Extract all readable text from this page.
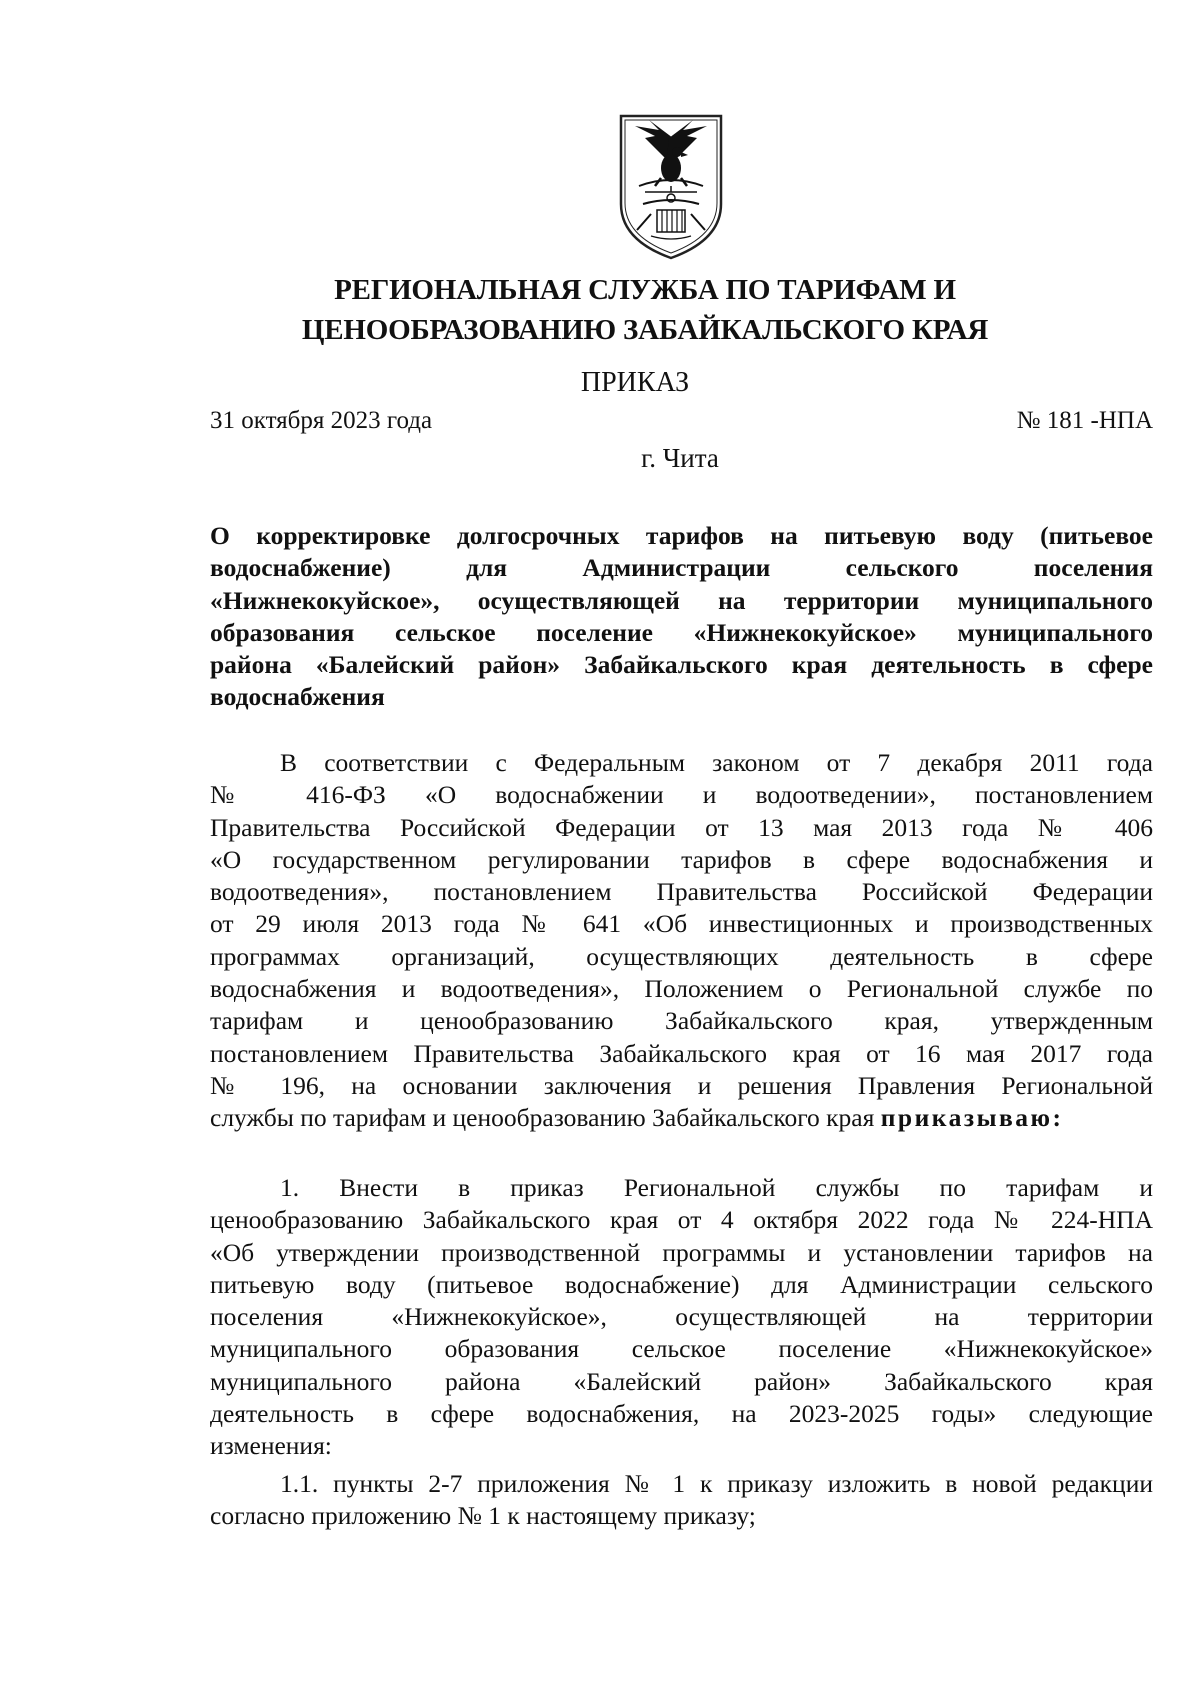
РЕГИОНАЛЬНАЯ СЛУЖБА ПО ТАРИФАМ И
ЦЕНООБРАЗОВАНИЮ ЗАБАЙКАЛЬСКОГО КРАЯ
ПРИКАЗ
31 октября 2023 года	№ 181 -НПА
г. Чита
О корректировке долгосрочных тарифов на питьевую воду (питьевое
водоснабжение) для Администрации сельского поселения
«Нижнекокуйское», осуществляющей на территории муниципального
образования сельское поселение «Нижнекокуйское» муниципального
района «Балейский район» Забайкальского края деятельность в сфере
водоснабжения
В соответствии с Федеральным законом от 7 декабря 2011 года
№ 416-ФЗ «О водоснабжении и водоотведении», постановлением
Правительства Российской Федерации от 13 мая 2013 года № 406
«О государственном регулировании тарифов в сфере водоснабжения и
водоотведения», постановлением Правительства Российской Федерации
от 29 июля 2013 года № 641 «Об инвестиционных и производственных
программах организаций, осуществляющих деятельность в сфере
водоснабжения и водоотведения», Положением о Региональной службе по
тарифам и ценообразованию Забайкальского края, утвержденным
постановлением Правительства Забайкальского края от 16 мая 2017 года
№ 196, на основании заключения и решения Правления Региональной
службы по тарифам и ценообразованию Забайкальского края приказываю:
1. Внести в приказ Региональной службы по тарифам и
ценообразованию Забайкальского края от 4 октября 2022 года № 224-НПА
«Об утверждении производственной программы и установлении тарифов на
питьевую воду (питьевое водоснабжение) для Администрации сельского
поселения «Нижнекокуйское», осуществляющей на территории
муниципального образования сельское поселение «Нижнекокуйское»
муниципального района «Балейский район» Забайкальского края
деятельность в сфере водоснабжения, на 2023-2025 годы» следующие
изменения:
1.1. пункты 2-7 приложения № 1 к приказу изложить в новой редакции
согласно приложению № 1 к настоящему приказу;
